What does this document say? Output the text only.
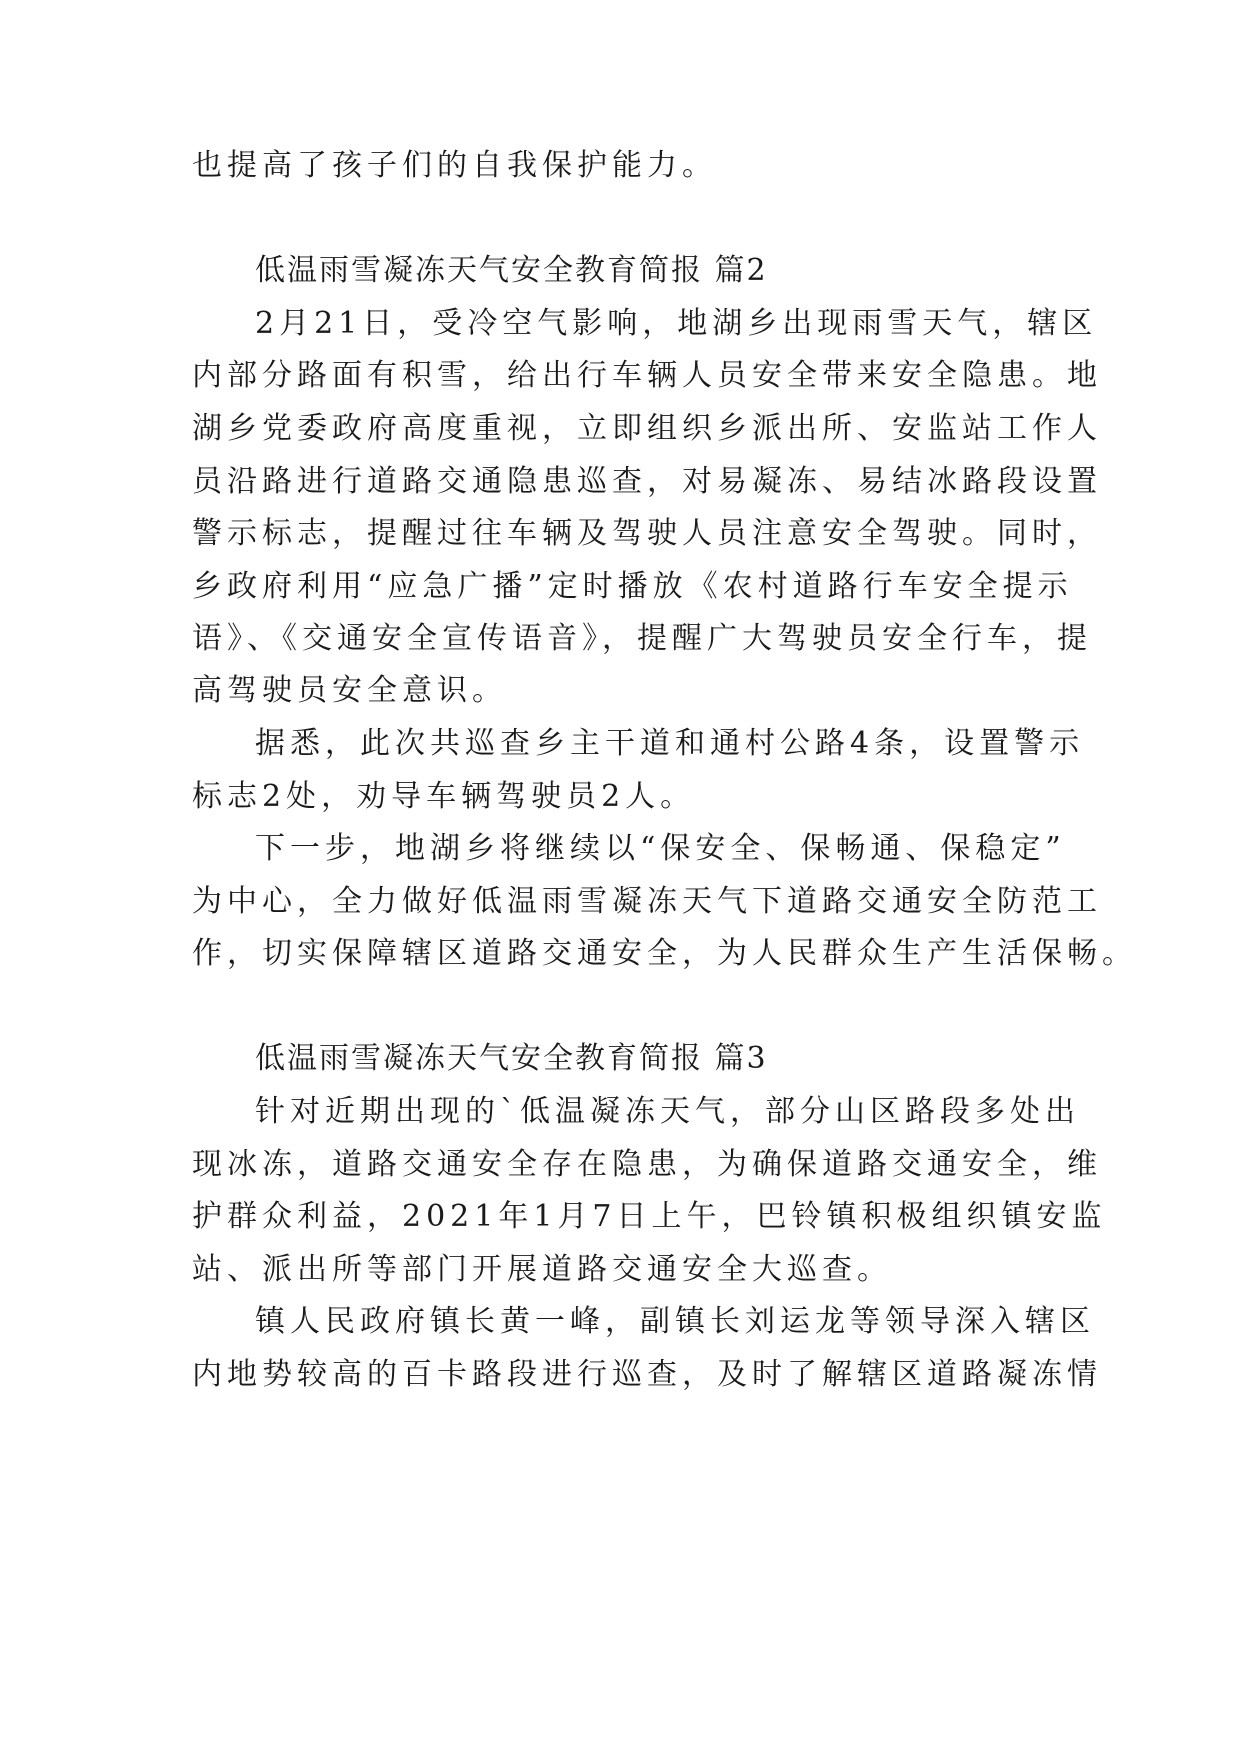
也提高了孩子们的自我保护能力。
低温雨雪凝冻天气安全教育简报 篇2
2月21日，受冷空气影响，地湖乡出现雨雪天气，辖区
内部分路面有积雪，给出行车辆人员安全带来安全隐患。地
湖乡党委政府高度重视，立即组织乡派出所、安监站工作人
员沿路进行道路交通隐患巡查，对易凝冻、易结冰路段设置
警示标志，提醒过往车辆及驾驶人员注意安全驾驶。同时，
乡政府利用“应急广播”定时播放《农村道路行车安全提示
语》、《交通安全宣传语音》，提醒广大驾驶员安全行车，提
高驾驶员安全意识。
据悉，此次共巡查乡主干道和通村公路4条，设置警示
标志2处，劝导车辆驾驶员2人。
下一步，地湖乡将继续以“保安全、保畅通、保稳定”
为中心，全力做好低温雨雪凝冻天气下道路交通安全防范工
作，切实保障辖区道路交通安全，为人民群众生产生活保畅。
低温雨雪凝冻天气安全教育简报 篇3
针对近期出现的`低温凝冻天气，部分山区路段多处出
现冰冻，道路交通安全存在隐患，为确保道路交通安全，维
护群众利益，2021年1月7日上午，巴铃镇积极组织镇安监
站、派出所等部门开展道路交通安全大巡查。
镇人民政府镇长黄一峰，副镇长刘运龙等领导深入辖区
内地势较高的百卡路段进行巡查，及时了解辖区道路凝冻情
